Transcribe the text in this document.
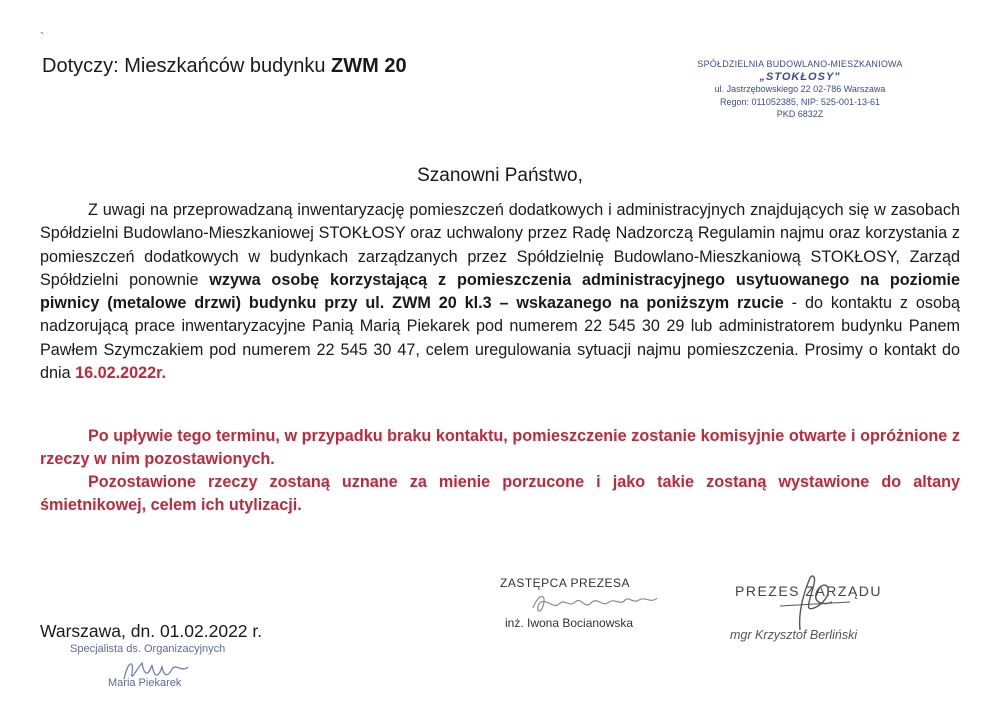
`
Dotyczy: Mieszkańców budynku ZWM 20	SPÓŁDZIELNIA BUDOWLANO-MIESZKANIOWA
„STOKŁOSY"
ul. Jastrzębowskiego 22 02-786 Warszawa
Regon: 011052385, NIP: 525-001-13-61
PKD 6832Z
Szanowni Państwo,

Z uwagi na przeprowadzaną inwentaryzację pomieszczeń dodatkowych i administracyjnych znajdujących się w zasobach Spółdzielni Budowlano-Mieszkaniowej STOKŁOSY oraz uchwalony przez Radę Nadzorczą Regulamin najmu oraz korzystania z pomieszczeń dodatkowych w budynkach zarządzanych przez Spółdzielnię Budowlano-Mieszkaniową STOKŁOSY, Zarząd Spółdzielni ponownie wzywa osobę korzystającą z pomieszczenia administracyjnego usytuowanego na poziomie piwnicy (metalowe drzwi) budynku przy ul. ZWM 20 kl.3 – wskazanego na poniższym rzucie - do kontaktu z osobą nadzorującą prace inwentaryzacyjne Panią Marią Piekarek pod numerem 22 545 30 29 lub administratorem budynku Panem Pawłem Szymczakiem pod numerem 22 545 30 47, celem uregulowania sytuacji najmu pomieszczenia. Prosimy o kontakt do dnia 16.02.2022r.

Po upływie tego terminu, w przypadku braku kontaktu, pomieszczenie zostanie komisyjnie otwarte i opróżnione z rzeczy w nim pozostawionych.

Pozostawione rzeczy zostaną uznane za mienie porzucone i jako takie zostaną wystawione do altany śmietnikowej, celem ich utylizacji.

ZASTĘPCA PREZESA
inż. Iwona Bocianowska
PREZES ZARZĄDU
mgr Krzysztof Berliński
Warszawa, dn. 01.02.2022 r.
Specjalista ds. Organizacyjnych
Maria Piekarek
